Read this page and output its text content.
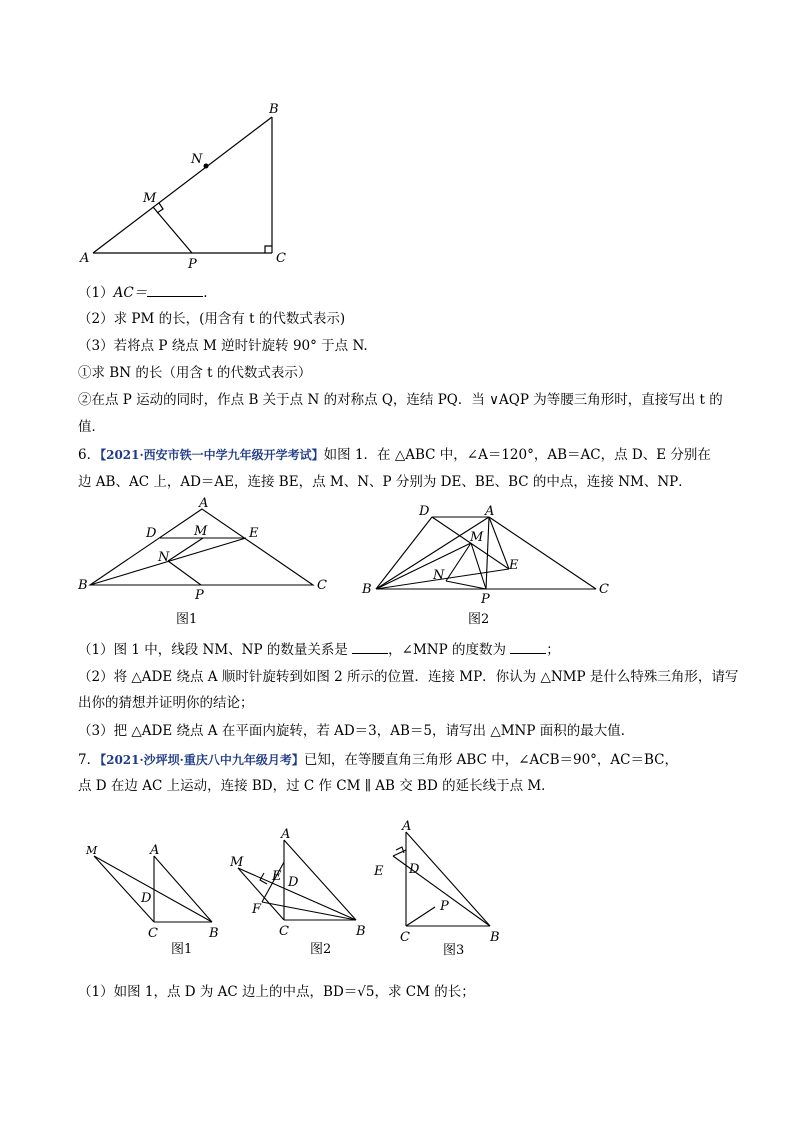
A
B
C
M
N
P
（1）AC＝	.
（2）求 PM 的长，(用含有 t 的代数式表示)
（3）若将点 P 绕点 M 逆时针旋转 90° 于点 N.
①求 BN 的长（用含 t 的代数式表示）
②在点 P 运动的同时，作点 B 关于点 N 的对称点 Q，连结 PQ．当 ∨AQP 为等腰三角形时，直接写出 t 的
值．
6．【2021·西安市铁一中学九年级开学考试】如图 1．在 △ABC 中，∠A＝120°，AB＝AC，点 D、E 分别在
边 AB、AC 上，AD＝AE，连接 BE，点 M、N、P 分别为 DE、BE、BC 的中点，连接 NM、NP．
A
D	M	E
N
B
P
C
图1
D	A
M
E
N
B
P
C
图2
（1）图 1 中，线段 NM、NP 的数量关系是	，∠MNP 的度数为	；
（2）将 △ADE 绕点 A 顺时针旋转到如图 2 所示的位置．连接 MP．你认为 △NMP 是什么特殊三角形，请写
出你的猜想并证明你的结论；
（3）把 △ADE 绕点 A 在平面内旋转，若 AD＝3，AB＝5，请写出 △MNP 面积的最大值．
7．【2021·沙坪坝·重庆八中九年级月考】已知，在等腰直角三角形 ABC 中，∠ACB＝90°，AC＝BC，
点 D 在边 AC 上运动，连接 BD，过 C 作 CM ∥ AB 交 BD 的延长线于点 M．
M	A
D
C	B
图1
M
A
E D
F
C	B
图2
A
E D
P
C	B
图3
（1）如图 1，点 D 为 AC 边上的中点，BD＝√5，求 CM 的长；
